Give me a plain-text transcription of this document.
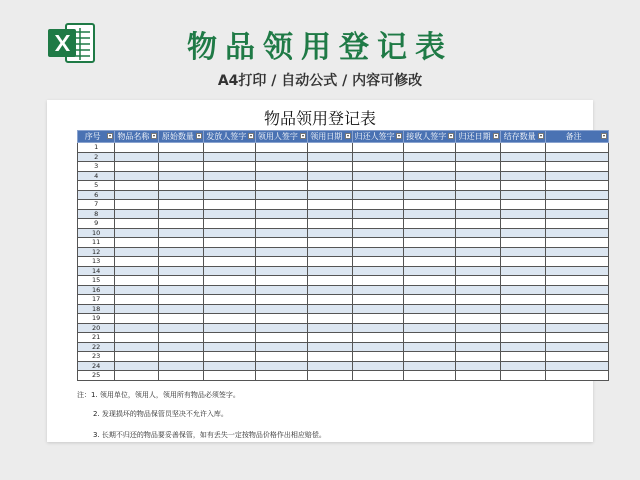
物品领用登记表
A4打印 / 自动公式 / 内容可修改
物品领用登记表
序号	物品名称	原始数量	发放人签字	领用人签字	领用日期	归还人签字	接收人签字	归还日期	结存数量	备注

1										
2										
3										
4										
5										
6										
7										
8										
9										
10										
11										
12										
13										
14										
15										
16										
17										
18										
19										
20										
21										
22										
23										
24										
25										
注：1. 领用单位，领用人，领用所有物品必须签字。
2. 发现损坏的物品保管员坚决不允许入库。
3. 长期不归还的物品要妥善保管，如有丢失一定按物品价格作出相应赔偿。
